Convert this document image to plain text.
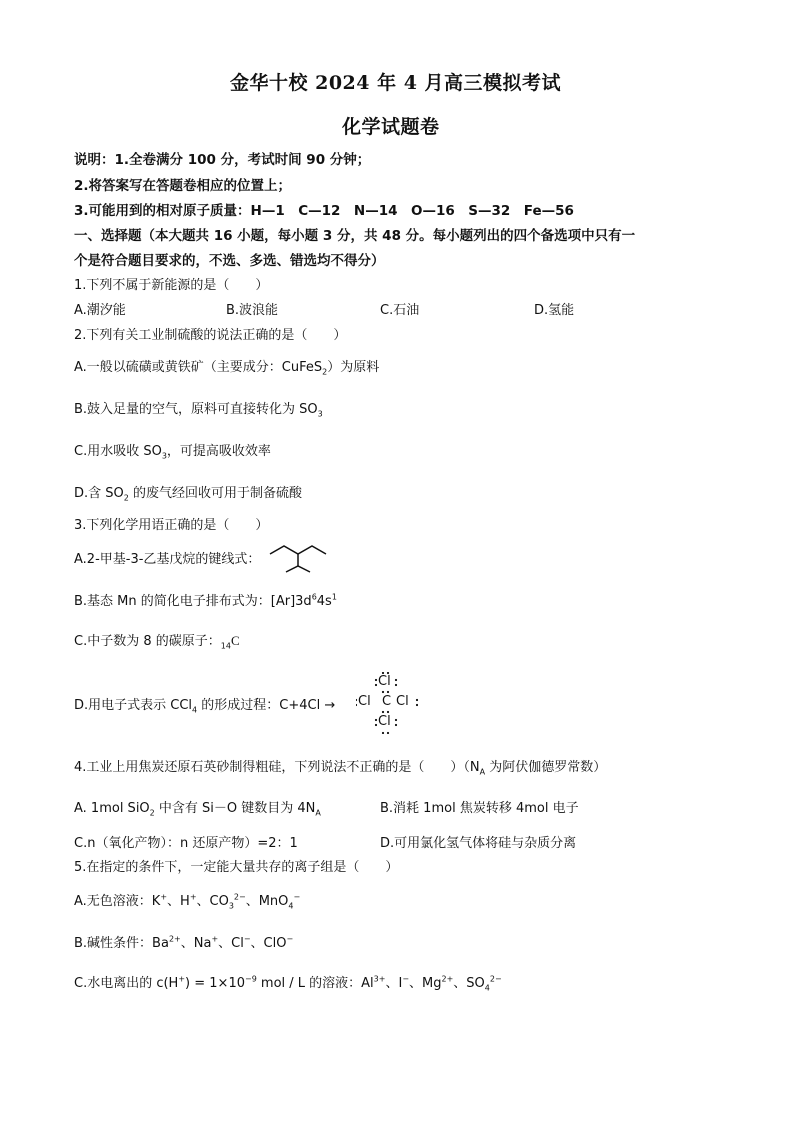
金华十校 2024 年 4 月高三模拟考试
化学试题卷
说明：1.全卷满分 100 分，考试时间 90 分钟；
2.将答案写在答题卷相应的位置上；
3.可能用到的相对原子质量：H—1　C—12　N—14　O—16　S—32　Fe—56
一、选择题（本大题共 16 小题，每小题 3 分，共 48 分。每小题列出的四个备选项中只有一
个是符合题目要求的，不选、多选、错选均不得分）
1.下列不属于新能源的是（　　）
A.潮汐能	B.波浪能	C.石油	D.氢能
2.下列有关工业制硫酸的说法正确的是（　　）
A.一般以硫磺或黄铁矿（主要成分：CuFeS$_2$）为原料
B.鼓入足量的空气，原料可直接转化为 $SO_3$
C.用水吸收 $SO_3$，可提高吸收效率
D.含 $SO_2$ 的废气经回收可用于制备硫酸
3.下列化学用语正确的是（　　）
A.2-甲基-3-乙基戊烷的键线式：
B.基态 Mn 的简化电子排布式为：$[Ar]3d^64s^1$
C.中子数为 8 的碳原子：$_{14}$C
D.用电子式表示 CCl$_4$ 的形成过程：C+4Cl →
Cl
Cl C Cl
Cl
4.工业上用焦炭还原石英砂制得粗硅，下列说法不正确的是（　　）（$N_A$ 为阿伏伽德罗常数）
A. 1mol SiO$_2$ 中含有 Si－O 键数目为 $4N_A$	B.消耗 1mol 焦炭转移 4mol 电子
C.n（氧化产物）：n 还原产物）=2：1	D.可用氯化氢气体将硅与杂质分离
5.在指定的条件下，一定能大量共存的离子组是（　　）
A.无色溶液：K+、H+、$CO_3^{2-}$、MnO$_4$−
B.碱性条件：$Ba^{2+}$、Na+、Cl−、ClO−
C.水电离出的 $c(H^+) = 1\times 10^{-9}$ mol / L 的溶液：$Al^{3+}$、I−、$Mg^{2+}$、$SO_4^{2-}$
